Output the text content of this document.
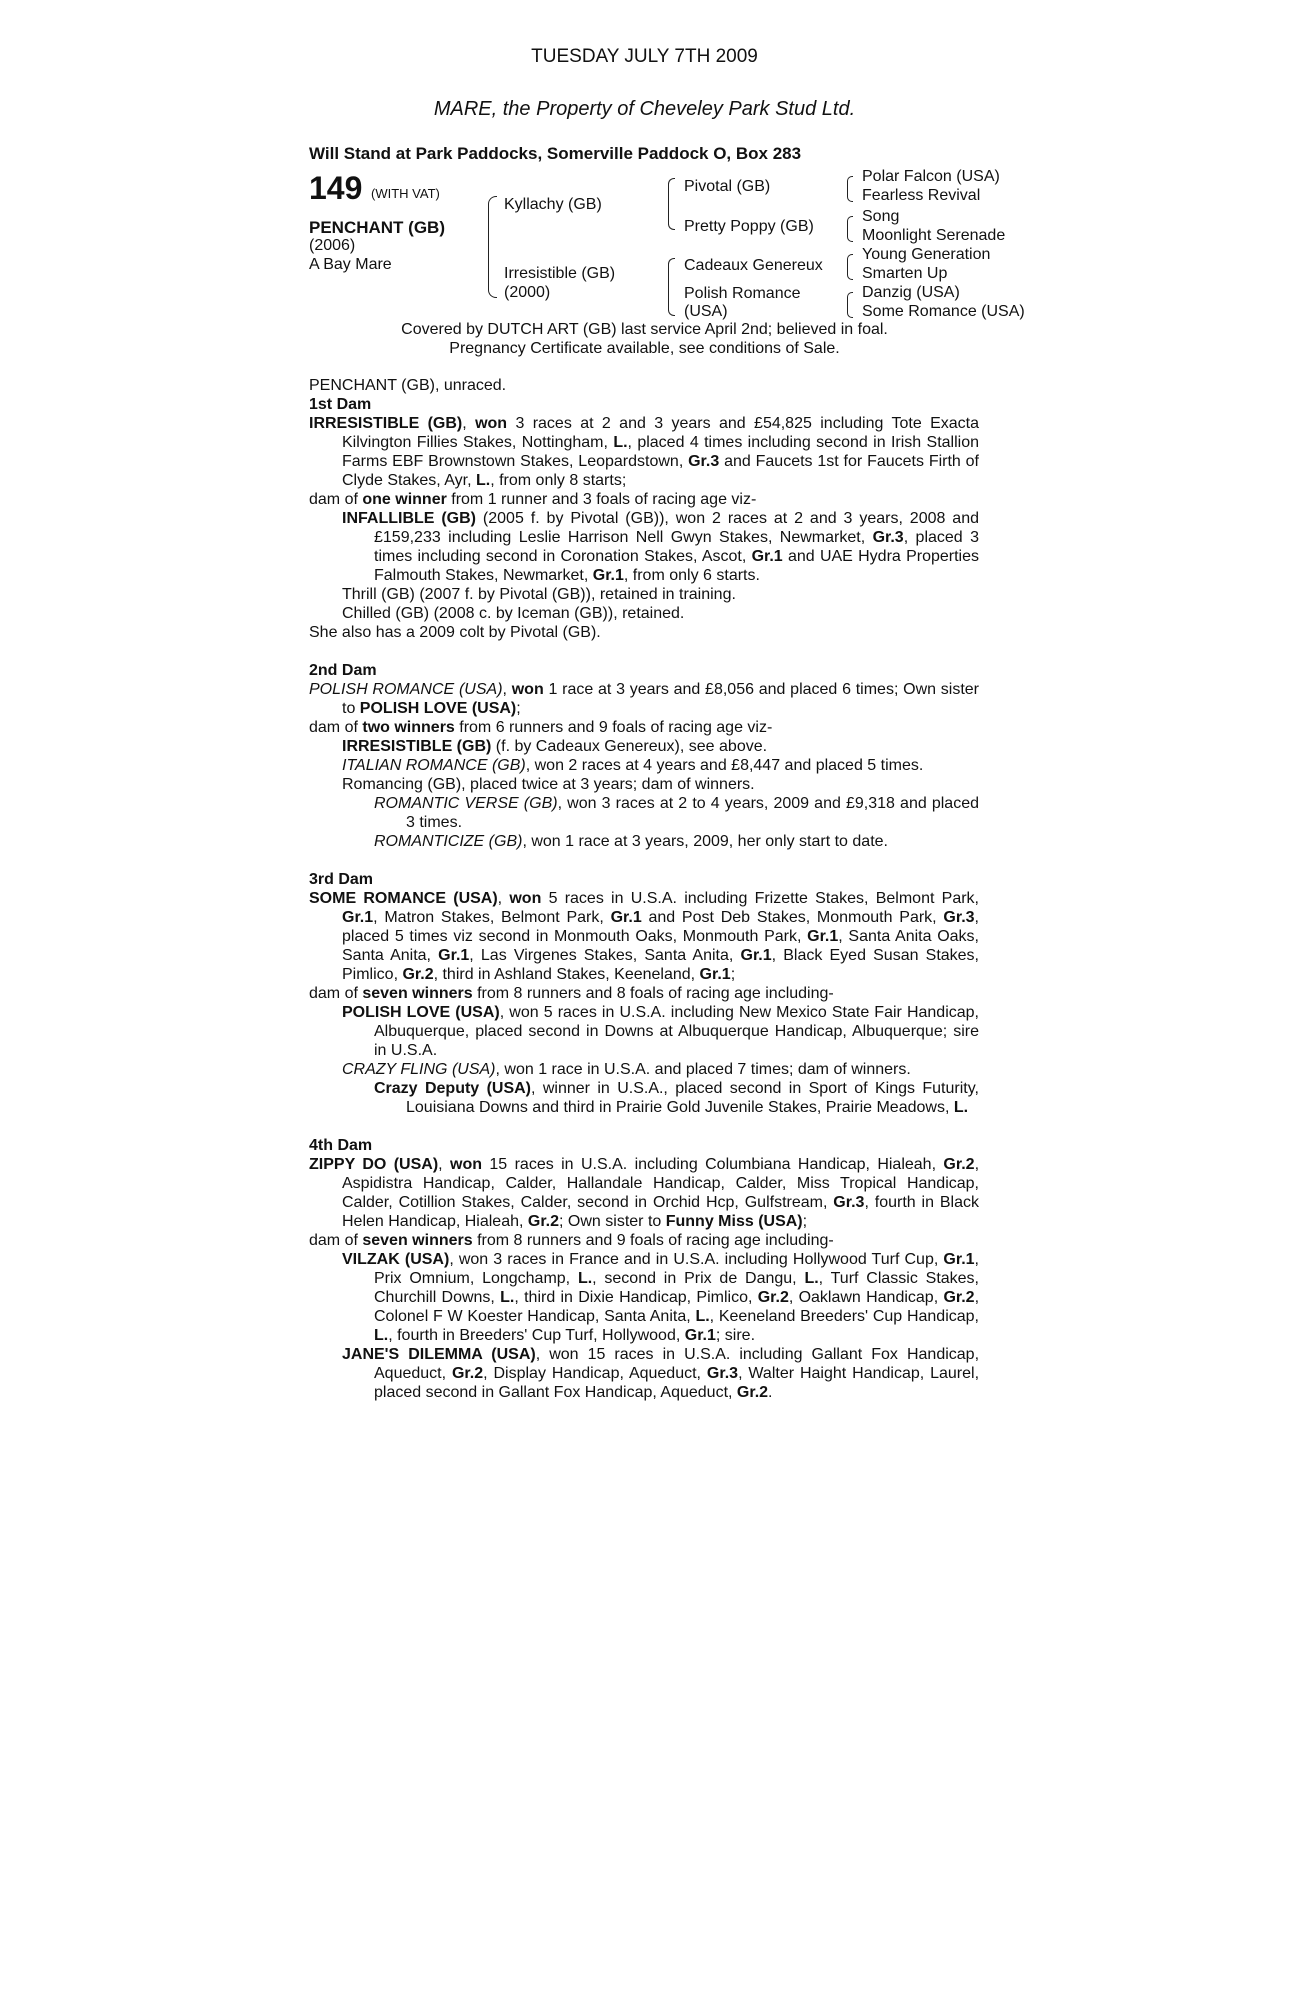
TUESDAY JULY 7TH 2009
MARE, the Property of Cheveley Park Stud Ltd.
Will Stand at Park Paddocks, Somerville Paddock O, Box 283
149 (WITH VAT)
PENCHANT (GB)
(2006)
A Bay Mare
Kyllachy (GB)
Irresistible (GB)
(2000)
Pivotal (GB)
Pretty Poppy (GB)
Cadeaux Genereux
Polish Romance
(USA)
Polar Falcon (USA)
Fearless Revival
Song
Moonlight Serenade
Young Generation
Smarten Up
Danzig (USA)
Some Romance (USA)
Covered by DUTCH ART (GB) last service April 2nd; believed in foal.
Pregnancy Certificate available, see conditions of Sale.
PENCHANT (GB), unraced.
1st Dam
IRRESISTIBLE (GB), won 3 races at 2 and 3 years and £54,825 including Tote Exacta Kilvington Fillies Stakes, Nottingham, L., placed 4 times including second in Irish Stallion Farms EBF Brownstown Stakes, Leopardstown, Gr.3 and Faucets 1st for Faucets Firth of Clyde Stakes, Ayr, L., from only 8 starts;
dam of one winner from 1 runner and 3 foals of racing age viz-
INFALLIBLE (GB) (2005 f. by Pivotal (GB)), won 2 races at 2 and 3 years, 2008 and £159,233 including Leslie Harrison Nell Gwyn Stakes, Newmarket, Gr.3, placed 3 times including second in Coronation Stakes, Ascot, Gr.1 and UAE Hydra Properties Falmouth Stakes, Newmarket, Gr.1, from only 6 starts.
Thrill (GB) (2007 f. by Pivotal (GB)), retained in training.
Chilled (GB) (2008 c. by Iceman (GB)), retained.
She also has a 2009 colt by Pivotal (GB).
2nd Dam
POLISH ROMANCE (USA), won 1 race at 3 years and £8,056 and placed 6 times; Own sister to POLISH LOVE (USA);
dam of two winners from 6 runners and 9 foals of racing age viz-
IRRESISTIBLE (GB) (f. by Cadeaux Genereux), see above.
ITALIAN ROMANCE (GB), won 2 races at 4 years and £8,447 and placed 5 times.
Romancing (GB), placed twice at 3 years; dam of winners.
ROMANTIC VERSE (GB), won 3 races at 2 to 4 years, 2009 and £9,318 and placed 3 times.
ROMANTICIZE (GB), won 1 race at 3 years, 2009, her only start to date.
3rd Dam
SOME ROMANCE (USA), won 5 races in U.S.A. including Frizette Stakes, Belmont Park, Gr.1, Matron Stakes, Belmont Park, Gr.1 and Post Deb Stakes, Monmouth Park, Gr.3, placed 5 times viz second in Monmouth Oaks, Monmouth Park, Gr.1, Santa Anita Oaks, Santa Anita, Gr.1, Las Virgenes Stakes, Santa Anita, Gr.1, Black Eyed Susan Stakes, Pimlico, Gr.2, third in Ashland Stakes, Keeneland, Gr.1;
dam of seven winners from 8 runners and 8 foals of racing age including-
POLISH LOVE (USA), won 5 races in U.S.A. including New Mexico State Fair Handicap, Albuquerque, placed second in Downs at Albuquerque Handicap, Albuquerque; sire in U.S.A.
CRAZY FLING (USA), won 1 race in U.S.A. and placed 7 times; dam of winners.
Crazy Deputy (USA), winner in U.S.A., placed second in Sport of Kings Futurity, Louisiana Downs and third in Prairie Gold Juvenile Stakes, Prairie Meadows, L.
4th Dam
ZIPPY DO (USA), won 15 races in U.S.A. including Columbiana Handicap, Hialeah, Gr.2, Aspidistra Handicap, Calder, Hallandale Handicap, Calder, Miss Tropical Handicap, Calder, Cotillion Stakes, Calder, second in Orchid Hcp, Gulfstream, Gr.3, fourth in Black Helen Handicap, Hialeah, Gr.2; Own sister to Funny Miss (USA);
dam of seven winners from 8 runners and 9 foals of racing age including-
VILZAK (USA), won 3 races in France and in U.S.A. including Hollywood Turf Cup, Gr.1, Prix Omnium, Longchamp, L., second in Prix de Dangu, L., Turf Classic Stakes, Churchill Downs, L., third in Dixie Handicap, Pimlico, Gr.2, Oaklawn Handicap, Gr.2, Colonel F W Koester Handicap, Santa Anita, L., Keeneland Breeders' Cup Handicap, L., fourth in Breeders' Cup Turf, Hollywood, Gr.1; sire.
JANE'S DILEMMA (USA), won 15 races in U.S.A. including Gallant Fox Handicap, Aqueduct, Gr.2, Display Handicap, Aqueduct, Gr.3, Walter Haight Handicap, Laurel, placed second in Gallant Fox Handicap, Aqueduct, Gr.2.
